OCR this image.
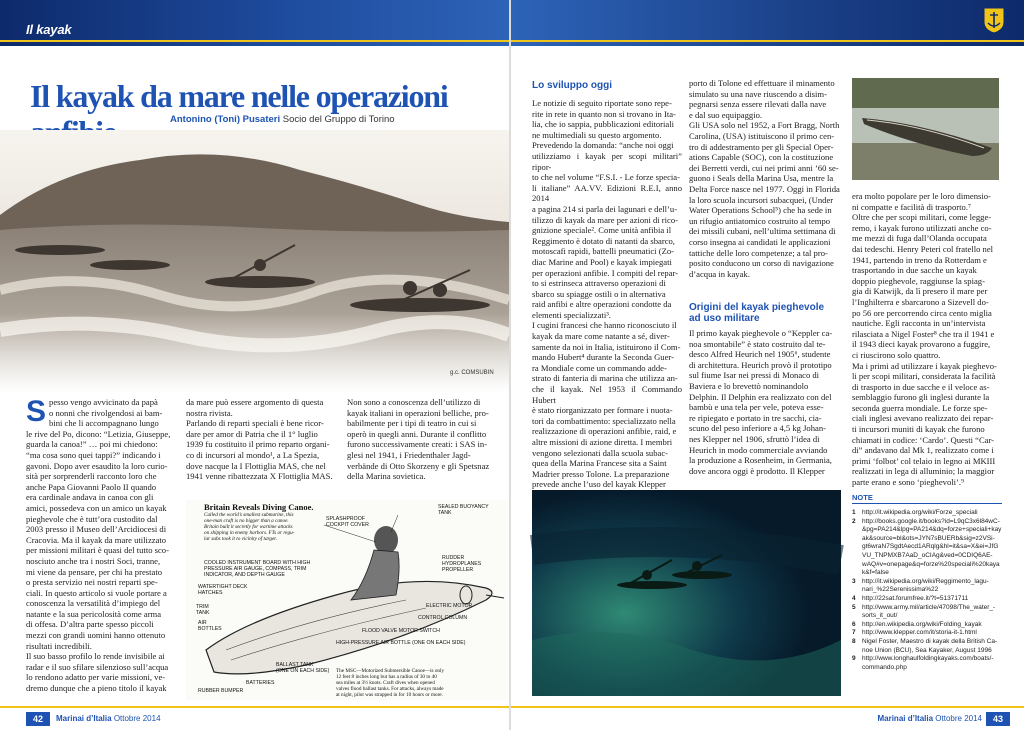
Il kayak
Il kayak da mare nelle operazioni
Antonino (Toni) Pusateri Socio del Gruppo di Torino
g.c. COMSUBIN
Spesso vengo avvicinato da papà
o nonni che rivolgendosi ai bam-
bini che li accompagnano lungo
le rive del Po, dicono: “Letizia, Giuseppe,
guarda la canoa!” … poi mi chiedono:
“ma cosa sono quei tappi?” indicando i
gavoni. Dopo aver esaudito la loro curio-
sità per sorprenderli racconto loro che
anche Papa Giovanni Paolo II quando
era cardinale andava in canoa con gli
amici, possedeva con un amico un kayak
pieghevole che è tutt’ora custodito dal
2003 presso il Museo dell’Arcidiocesi di
Cracovia. Ma il kayak da mare utilizzato
per missioni militari è quasi del tutto sco-
nosciuto anche tra i nostri Soci, tranne,
mi viene da pensare, per chi ha prestato
o presta servizio nei nostri reparti spe-
ciali. In questo articolo si vuole portare a
conoscenza la versatilità d’impiego del
natante e la sua pericolosità come arma
di offesa. D’altra parte spesso piccoli
mezzi con grandi uomini hanno ottenuto
risultati incredibili.
Il suo basso profilo lo rende invisibile ai
radar e il suo sfilare silenzioso sull’acqua
lo rendono adatto per varie missioni, ve-
dremo dunque che a pieno titolo il kayak
da mare può essere argomento di questa
nostra rivista.
Parlando di reparti speciali è bene ricor-
dare per amor di Patria che il 1° luglio
1939 fu costituito il primo reparto organi-
co di incursori al mondo¹, a La Spezia,
dove nacque la I Flottiglia MAS, che nel
1941 venne ribattezzata X Flottiglia MAS.
Non sono a conoscenza dell’utilizzo di
kayak italiani in operazioni belliche, pro-
babilmente per i tipi di teatro in cui si
operò in quegli anni. Durante il conflitto
furono successivamente creati: i SAS in-
glesi nel 1941, i Friedenthaler Jagd-
verbände di Otto Skorzeny e gli Spetsnaz
della Marina sovietica.
Britain Reveals Diving Canoe.
Called the world’s smallest submarine, this
one-man craft is no bigger than a canoe.
Britain built it secretly for wartime attacks
on shipping in enemy harbors. FTs or regu-
lar subs took it to vicinity of target.
SPLASHPROOF
COCKPIT COVER
SEALED BUOYANCY
TANK
COOLED INSTRUMENT BOARD WITH HIGH
PRESSURE AIR GAUGE, COMPASS, TRIM
INDICATOR, AND DEPTH GAUGE
WATERTIGHT DECK
HATCHES
TRIM
TANK
AIR
BOTTLES
RUDDER
HYDROPLANES
PROPELLER
ELECTRIC MOTOR
CONTROL COLUMN
FLOOD VALVE MOTOR SWITCH
HIGH-PRESSURE AIR BOTTLE (ONE ON EACH SIDE)
BALLAST TANK
(ONE ON EACH SIDE)
BATTERIES
RUBBER BUMPER
The MSC—Motorized Submersible Canoe—is only
12 feet 8 inches long but has a radius of 30 to 40
sea miles at 3½ knots. Craft dives when opened
valves flood ballast tanks. For attacks, always made
at night, pilot was strapped in for 10 hours or more.
42	Marinai d’Italia Ottobre 2014
Lo sviluppo oggi
Le notizie di seguito riportate sono repe-
rite in rete in quanto non si trovano in Ita-
lia, che io sappia, pubblicazioni editoriali
ne multimediali su questo argomento.
Prevedendo la domanda: “anche noi oggi
utilizziamo i kayak per scopi militari” ripor-
to che nel volume “F.S.I. - Le forze specia-
li italiane” AA.VV. Edizioni R.E.I, anno 2014
a pagina 214 si parla dei lagunari e dell’u-
tilizzo di kayak da mare per azioni di rico-
gnizione speciale². Come unità anfibia il
Reggimento è dotato di natanti da sbarco,
motoscafi rapidi, battelli pneumatici (Zo-
diac Marine and Pool) e kayak impiegati
per operazioni anfibie. I compiti del repar-
to si estrinseca attraverso operazioni di
sbarco su spiagge ostili o in alternativa
raid anfibi e altre operazioni condotte da
elementi specializzati³.
I cugini francesi che hanno riconosciuto il
kayak da mare come natante a sé, diver-
samente da noi in Italia, istituirono il Com-
mando Hubert⁴ durante la Seconda Guer-
ra Mondiale come un commando adde-
strato di fanteria di marina che utilizza an-
che il kayak. Nel 1953 il Commando Hubert
è stato riorganizzato per formare i nuota-
tori da combattimento: specializzato nella
realizzazione di operazioni anfibie, raid, e
altre missioni di azione diretta. I membri
vengono selezionati dalla scuola subac-
quea della Marina Francese sita a Saint
Madrier presso Tolone. La preparazione
prevede anche l’uso del kayak Klepper

porto di Tolone ed effettuare il minamento
simulato su una nave riuscendo a disim-
pegnarsi senza essere rilevati dalla nave
e dal suo equipaggio.
Gli USA solo nel 1952, a Fort Bragg, North
Carolina, (USA) istituiscono il primo cen-
tro di addestramento per gli Special Oper-
ations Capable (SOC), con la costituzione
dei Berretti verdi, cui nei primi anni ’60 se-
guono i Seals della Marina Usa, mentre la
Delta Force nasce nel 1977. Oggi in Florida
la loro scuola incursori subacquei, (Under
Water Operations School⁵) che ha sede in
un rifugio antiatomico costruito al tempo
dei missili cubani, nell’ultima settimana di
corso insegna ai candidati le applicazioni
tattiche delle loro competenze; a tal pro-
posito conducono un corso di navigazione
d’acqua in kayak.
Origini del kayak pieghevole
ad uso militare
Il primo kayak pieghevole o “Keppler ca-
noa smontabile” è stato costruito dal te-
desco Alfred Heurich nel 1905⁶, studente
di architettura. Heurich provò il prototipo
sul fiume Isar nei pressi di Monaco di
Baviera e lo brevettò nominandolo
Delphin. Il Delphin era realizzato con del
bambù e una tela per vele, poteva esse-
re ripiegato e portato in tre sacchi, cia-
scuno del peso inferiore a 4,5 kg Johan-
nes Klepper nel 1906, sfruttò l’idea di
Heurich in modo commerciale avviando
la produzione a Rosenheim, in Germania,
dove ancora oggi è prodotto. Il Klepper
era molto popolare per le loro dimensio-
ni compatte e facilità di trasporto.⁷
Oltre che per scopi militari, come legge-
remo, i kayak furono utilizzati anche co-
me mezzi di fuga dall’Olanda occupata
dai tedeschi. Henry Peteri col fratello nel
1941, partendo in treno da Rotterdam e
trasportando in due sacche un kayak
doppio pieghevole, raggiunse la spiag-
gia di Katwijk, da lì presero il mare per
l’Inghilterra e sbarcarono a Sizevell do-
po 56 ore percorrendo circa cento miglia
nautiche. Egli racconta in un’intervista
rilasciata a Nigel Foster⁸ che tra il 1941 e
il 1943 dieci kayak provarono a fuggire,
ci riuscirono solo quattro.
Ma i primi ad utilizzare i kayak pieghevo-
li per scopi militari, considerata la facilità
di trasporto in due sacche e il veloce as-
semblaggio furono gli inglesi durante la
seconda guerra mondiale. Le forze spe-
ciali inglesi avevano realizzato dei repar-
ti incursori muniti di kayak che furono
chiamati in codice: ‘Cardo’. Questi “Car-
di” andavano dal Mk 1, realizzato come i
primi ‘folbot’ col telaio in legno ai MKIII
realizzati in lega di alluminio; la maggior
parte erano e sono ‘pieghevoli’.⁹
NOTE
1 http://it.wikipedia.org/wiki/Forze_speciali
2 http://books.google.it/books?id=L9qC3x6l84wC-
&pg=PA214&lpg=PA214&dq=forze+speciali+kay
ak&source=bl&ots=JYN7sBUERb&sig=z2VSi-
gt6wraN7SgdtAecd1ARqlg&hl=it&sa=X&ei=JfG
VU_TNPMXB7AaD_oCIAg&ved=0CDIQ6AE-
wAQ#v=onepage&q=forze%20speciali%20kaya
k&f=false
3 http://it.wikipedia.org/wiki/Reggimento_lagu-
nari_%22Serenissima%22
4 http://22sat.forumfree.it/?t=51371711
5 http://www.army.mil/article/47098/The_water_-
sorts_it_out/
6 http://en.wikipedia.org/wiki/Folding_kayak
7 http://www.klepper.com/it/storia-it-1.html
8 Nigel Foster, Maestro di kayak della British Ca-
noe Union (BCU), Sea Kayaker, August 1996
9 http://www.longhaulfoldingkayaks.com/boats/-
commando.php
Marinai d’Italia Ottobre 2014	43
